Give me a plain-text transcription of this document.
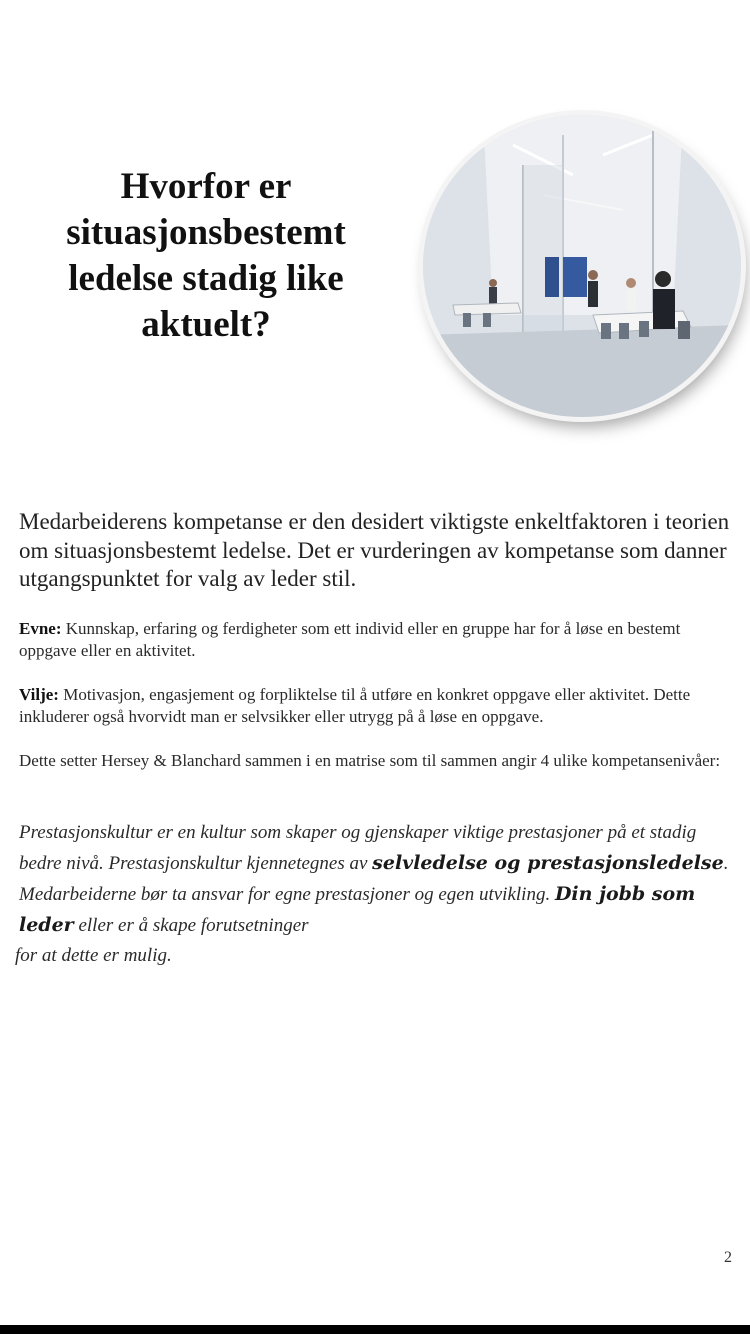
Hvorfor er situasjonsbestemt ledelse stadig like aktuelt?
Medarbeiderens kompetanse er den desidert viktigste enkeltfaktoren i teorien om situasjonsbestemt ledelse. Det er vurderingen av kompetanse som danner utgangspunktet for valg av leder stil.
Evne: Kunnskap, erfaring og ferdigheter som ett individ eller en gruppe har for å løse en bestemt oppgave eller en aktivitet.
Vilje: Motivasjon, engasjement og forpliktelse til å utføre en konkret oppgave eller aktivitet. Dette inkluderer også hvorvidt man er selvsikker eller utrygg på å løse en oppgave.
Dette setter Hersey & Blanchard sammen i en matrise som til sammen angir 4 ulike kompetansenivåer:
Prestasjonskultur er en kultur som skaper og gjenskaper viktige prestasjoner på et stadig bedre nivå. Prestasjonskultur kjennetegnes av selvledelse og prestasjonsledelse. Medarbeiderne bør ta ansvar for egne prestasjoner og egen utvikling. Din jobb som leder eller er å skape forutsetninger
for at dette er mulig.
2
